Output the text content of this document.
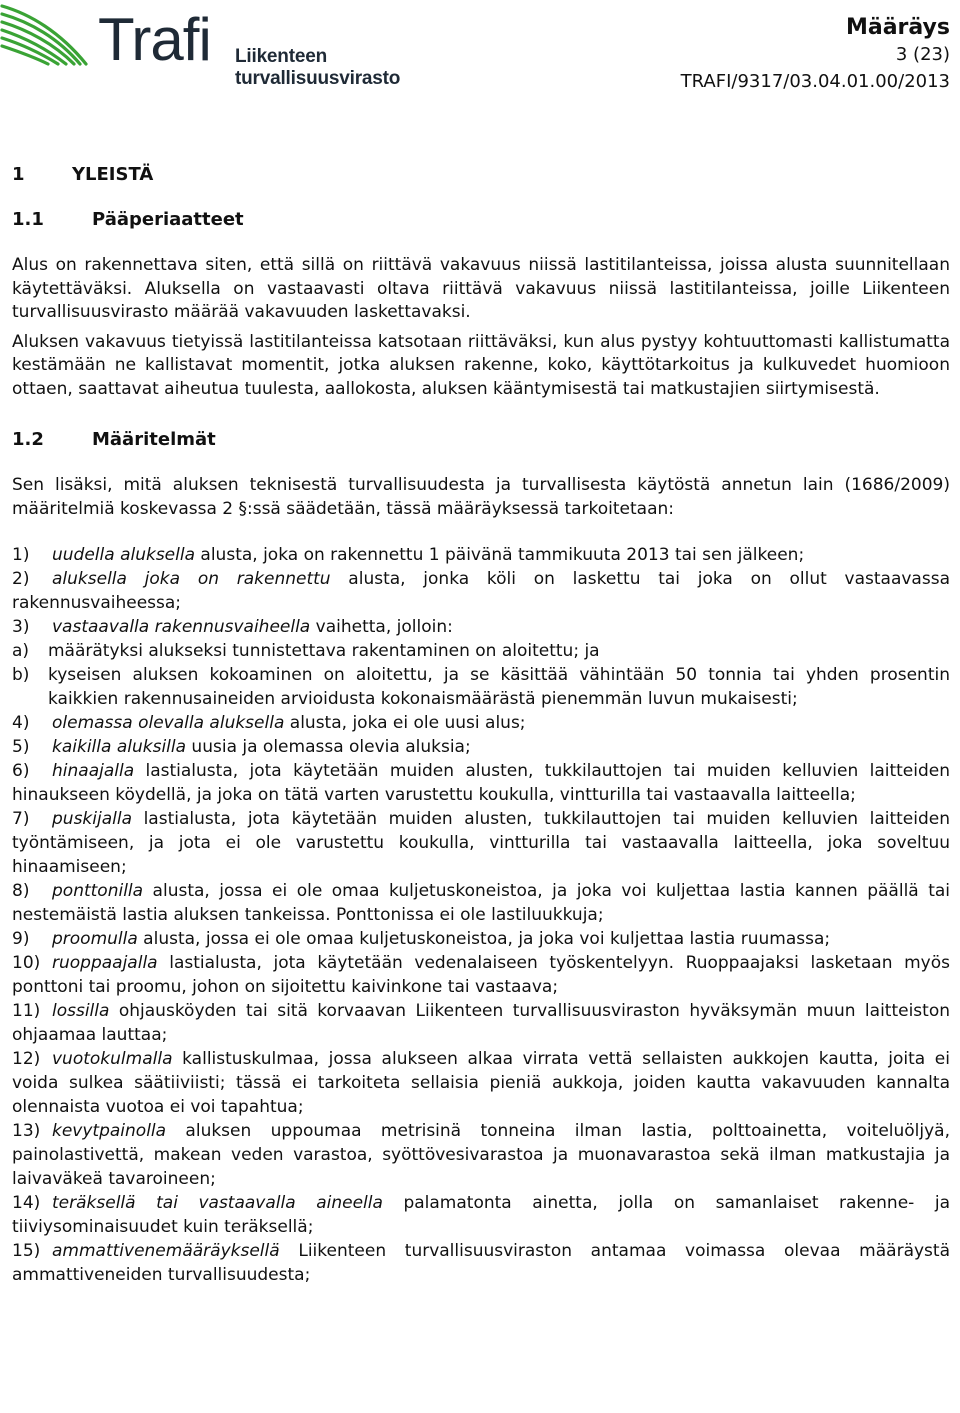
Trafi Liikenteen turvallisuusvirasto
Määräys
3 (23)
TRAFI/9317/03.04.01.00/2013
1	YLEISTÄ
1.1	Pääperiaatteet

Alus on rakennettava siten, että sillä on riittävä vakavuus niissä lastitilanteissa, joissa alusta suunnitellaan käytettäväksi. Aluksella on vastaavasti oltava riittävä vakavuus niissä lastitilanteissa, joille Liikenteen turvallisuusvirasto määrää vakavuuden laskettavaksi.

Aluksen vakavuus tietyissä lastitilanteissa katsotaan riittäväksi, kun alus pystyy kohtuuttomasti kallistumatta kestämään ne kallistavat momentit, jotka aluksen rakenne, koko, käyttötarkoitus ja kulkuvedet huomioon ottaen, saattavat aiheutua tuulesta, aallokosta, aluksen kääntymisestä tai matkustajien siirtymisestä.

1.2	Määritelmät

Sen lisäksi, mitä aluksen teknisestä turvallisuudesta ja turvallisesta käytöstä annetun lain (1686/2009) määritelmiä koskevassa 2 §:ssä säädetään, tässä määräyksessä tarkoitetaan:

1) uudella aluksella alusta, joka on rakennettu 1 päivänä tammikuuta 2013 tai sen jälkeen;

2) aluksella joka on rakennettu alusta, jonka köli on laskettu tai joka on ollut vastaavassa rakennusvaiheessa;

3) vastaavalla rakennusvaiheella vaihetta, jolloin:

a) määrätyksi alukseksi tunnistettava rakentaminen on aloitettu; ja

b) kyseisen aluksen kokoaminen on aloitettu, ja se käsittää vähintään 50 tonnia tai yhden prosentin kaikkien rakennusaineiden arvioidusta kokonaismäärästä pienemmän luvun mukaisesti;

4) olemassa olevalla aluksella alusta, joka ei ole uusi alus;

5) kaikilla aluksilla uusia ja olemassa olevia aluksia;

6) hinaajalla lastialusta, jota käytetään muiden alusten, tukkilauttojen tai muiden kelluvien laitteiden hinaukseen köydellä, ja joka on tätä varten varustettu koukulla, vintturilla tai vastaavalla laitteella;

7) puskijalla lastialusta, jota käytetään muiden alusten, tukkilauttojen tai muiden kelluvien laitteiden työntämiseen, ja jota ei ole varustettu koukulla, vintturilla tai vastaavalla laitteella, joka soveltuu hinaamiseen;

8) ponttonilla alusta, jossa ei ole omaa kuljetuskoneistoa, ja joka voi kuljettaa lastia kannen päällä tai nestemäistä lastia aluksen tankeissa. Ponttonissa ei ole lastiluukkuja;

9) proomulla alusta, jossa ei ole omaa kuljetuskoneistoa, ja joka voi kuljettaa lastia ruumassa;

10) ruoppaajalla lastialusta, jota käytetään vedenalaiseen työskentelyyn. Ruoppaajaksi lasketaan myös ponttoni tai proomu, johon on sijoitettu kaivinkone tai vastaava;

11) lossilla ohjausköyden tai sitä korvaavan Liikenteen turvallisuusviraston hyväksymän muun laitteiston ohjaamaa lauttaa;

12) vuotokulmalla kallistuskulmaa, jossa alukseen alkaa virrata vettä sellaisten aukkojen kautta, joita ei voida sulkea säätiiviisti; tässä ei tarkoiteta sellaisia pieniä aukkoja, joiden kautta vakavuuden kannalta olennaista vuotoa ei voi tapahtua;

13) kevytpainolla aluksen uppoumaa metrisinä tonneina ilman lastia, polttoainetta, voiteluöljyä, painolastivettä, makean veden varastoa, syöttövesivarastoa ja muonavarastoa sekä ilman matkustajia ja laivaväkeä tavaroineen;

14) teräksellä tai vastaavalla aineella palamatonta ainetta, jolla on samanlaiset rakenne- ja tiiviysominaisuudet kuin teräksellä;

15) ammattivenemääräyksellä Liikenteen turvallisuusviraston antamaa voimassa olevaa määräystä ammattiveneiden turvallisuudesta;
